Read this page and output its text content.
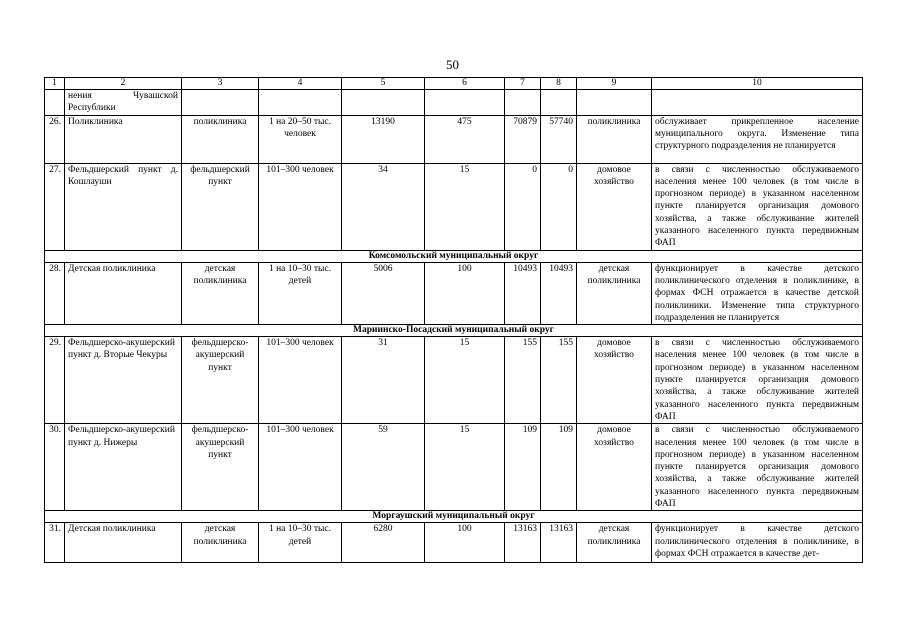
50
1	2	3	4	5	6	7	8	9	10
	нения Чувашской Республики								
26.	Поликлиника	поликлиника	1 на 20–50 тыс. человек	13190	475	70879	57740	поликлиника	обслуживает прикрепленное население муниципального округа. Изменение типа структурного подразделения не планируется
27.	Фельдшерский пункт д. Кошлауши	фельдшерский пункт	101–300 человек	34	15	0	0	домовое хозяйство	в связи с численностью обслуживаемого населения менее 100 человек (в том числе в прогнозном периоде) в указанном населенном пункте планируется организация домового хозяйства, а также обслуживание жителей указанного населенного пункта передвижным ФАП
Комсомольский муниципальный округ									
28.	Детская поликлиника	детская поликлиника	1 на 10–30 тыс. детей	5006	100	10493	10493	детская поликлиника	функционирует в качестве детского поликлинического отделения в поликлинике, в формах ФСН отражается в качестве детской поликлиники. Изменение типа структурного подразделения не планируется
Мариинско-Посадский муниципальный округ									
29.	Фельдшерско-акушерский пункт д. Вторые Чекуры	фельдшерско-акушерский пункт	101–300 человек	31	15	155	155	домовое хозяйство	в связи с численностью обслуживаемого населения менее 100 человек (в том числе в прогнозном периоде) в указанном населенном пункте планируется организация домового хозяйства, а также обслуживание жителей указанного населенного пункта передвижным ФАП
30.	Фельдшерско-акушерский пункт д. Нижеры	фельдшерско-акушерский пункт	101–300 человек	59	15	109	109	домовое хозяйство	в связи с численностью обслуживаемого населения менее 100 человек (в том числе в прогнозном периоде) в указанном населенном пункте планируется организация домового хозяйства, а также обслуживание жителей указанного населенного пункта передвижным ФАП
Моргаушский муниципальный округ									
31.	Детская поликлиника	детская поликлиника	1 на 10–30 тыс. детей	6280	100	13163	13163	детская поликлиника	функционирует в качестве детского поликлинического отделения в поликлинике, в формах ФСН отражается в качестве дет-
